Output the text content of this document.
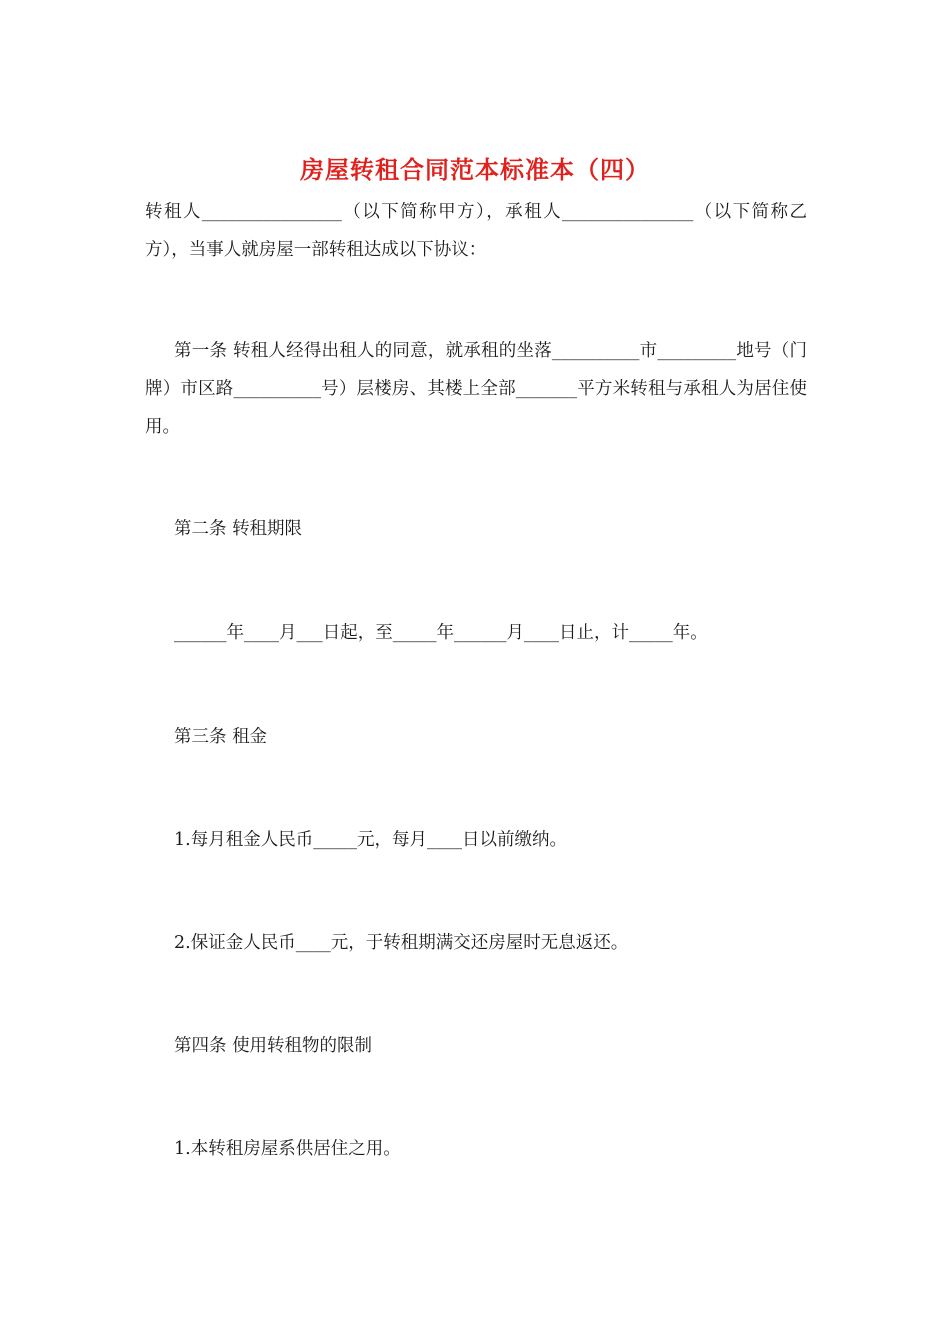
房屋转租合同范本标准本（四）
转租人________________（以下简称甲方），承租人_______________（以下简称乙方），当事人就房屋一部转租达成以下协议：
第一条 转租人经得出租人的同意，就承租的坐落__________市_________地号（门牌）市区路__________号）层楼房、其楼上全部_______平方米转租与承租人为居住使用。
第二条 转租期限
______年____月___日起，至_____年______月____日止，计_____年。
第三条 租金
1.每月租金人民币_____元，每月____日以前缴纳。
2.保证金人民币____元，于转租期满交还房屋时无息返还。
第四条 使用转租物的限制
1.本转租房屋系供居住之用。
